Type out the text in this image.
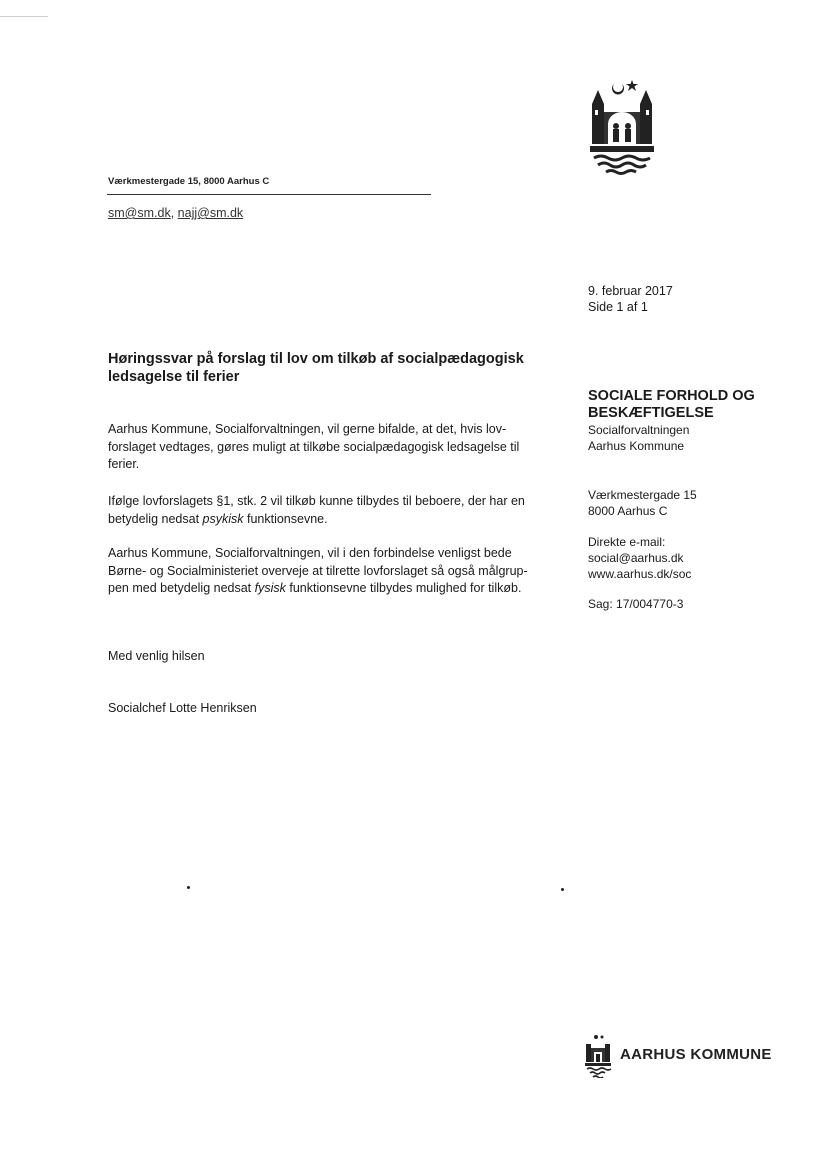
Værkmestergade 15, 8000 Aarhus C
sm@sm.dk, najj@sm.dk
9. februar 2017
Side 1 af 1
Høringssvar på forslag til lov om tilkøb af socialpædagogisk
ledsagelse til ferier
Aarhus Kommune, Socialforvaltningen, vil gerne bifalde, at det, hvis lov-
forslaget vedtages, gøres muligt at tilkøbe socialpædagogisk ledsagelse til
ferier.
Ifølge lovforslagets §1, stk. 2 vil tilkøb kunne tilbydes til beboere, der har en
betydelig nedsat psykisk funktionsevne.
Aarhus Kommune, Socialforvaltningen, vil i den forbindelse venligst bede
Børne- og Socialministeriet overveje at tilrette lovforslaget så også målgrup-
pen med betydelig nedsat fysisk funktionsevne tilbydes mulighed for tilkøb.
Med venlig hilsen
Socialchef Lotte Henriksen
SOCIALE FORHOLD OG
BESKÆFTIGELSE
Socialforvaltningen
Aarhus Kommune
Værkmestergade 15
8000 Aarhus C
Direkte e-mail:
social@aarhus.dk
www.aarhus.dk/soc
Sag: 17/004770-3
AARHUS KOMMUNE
